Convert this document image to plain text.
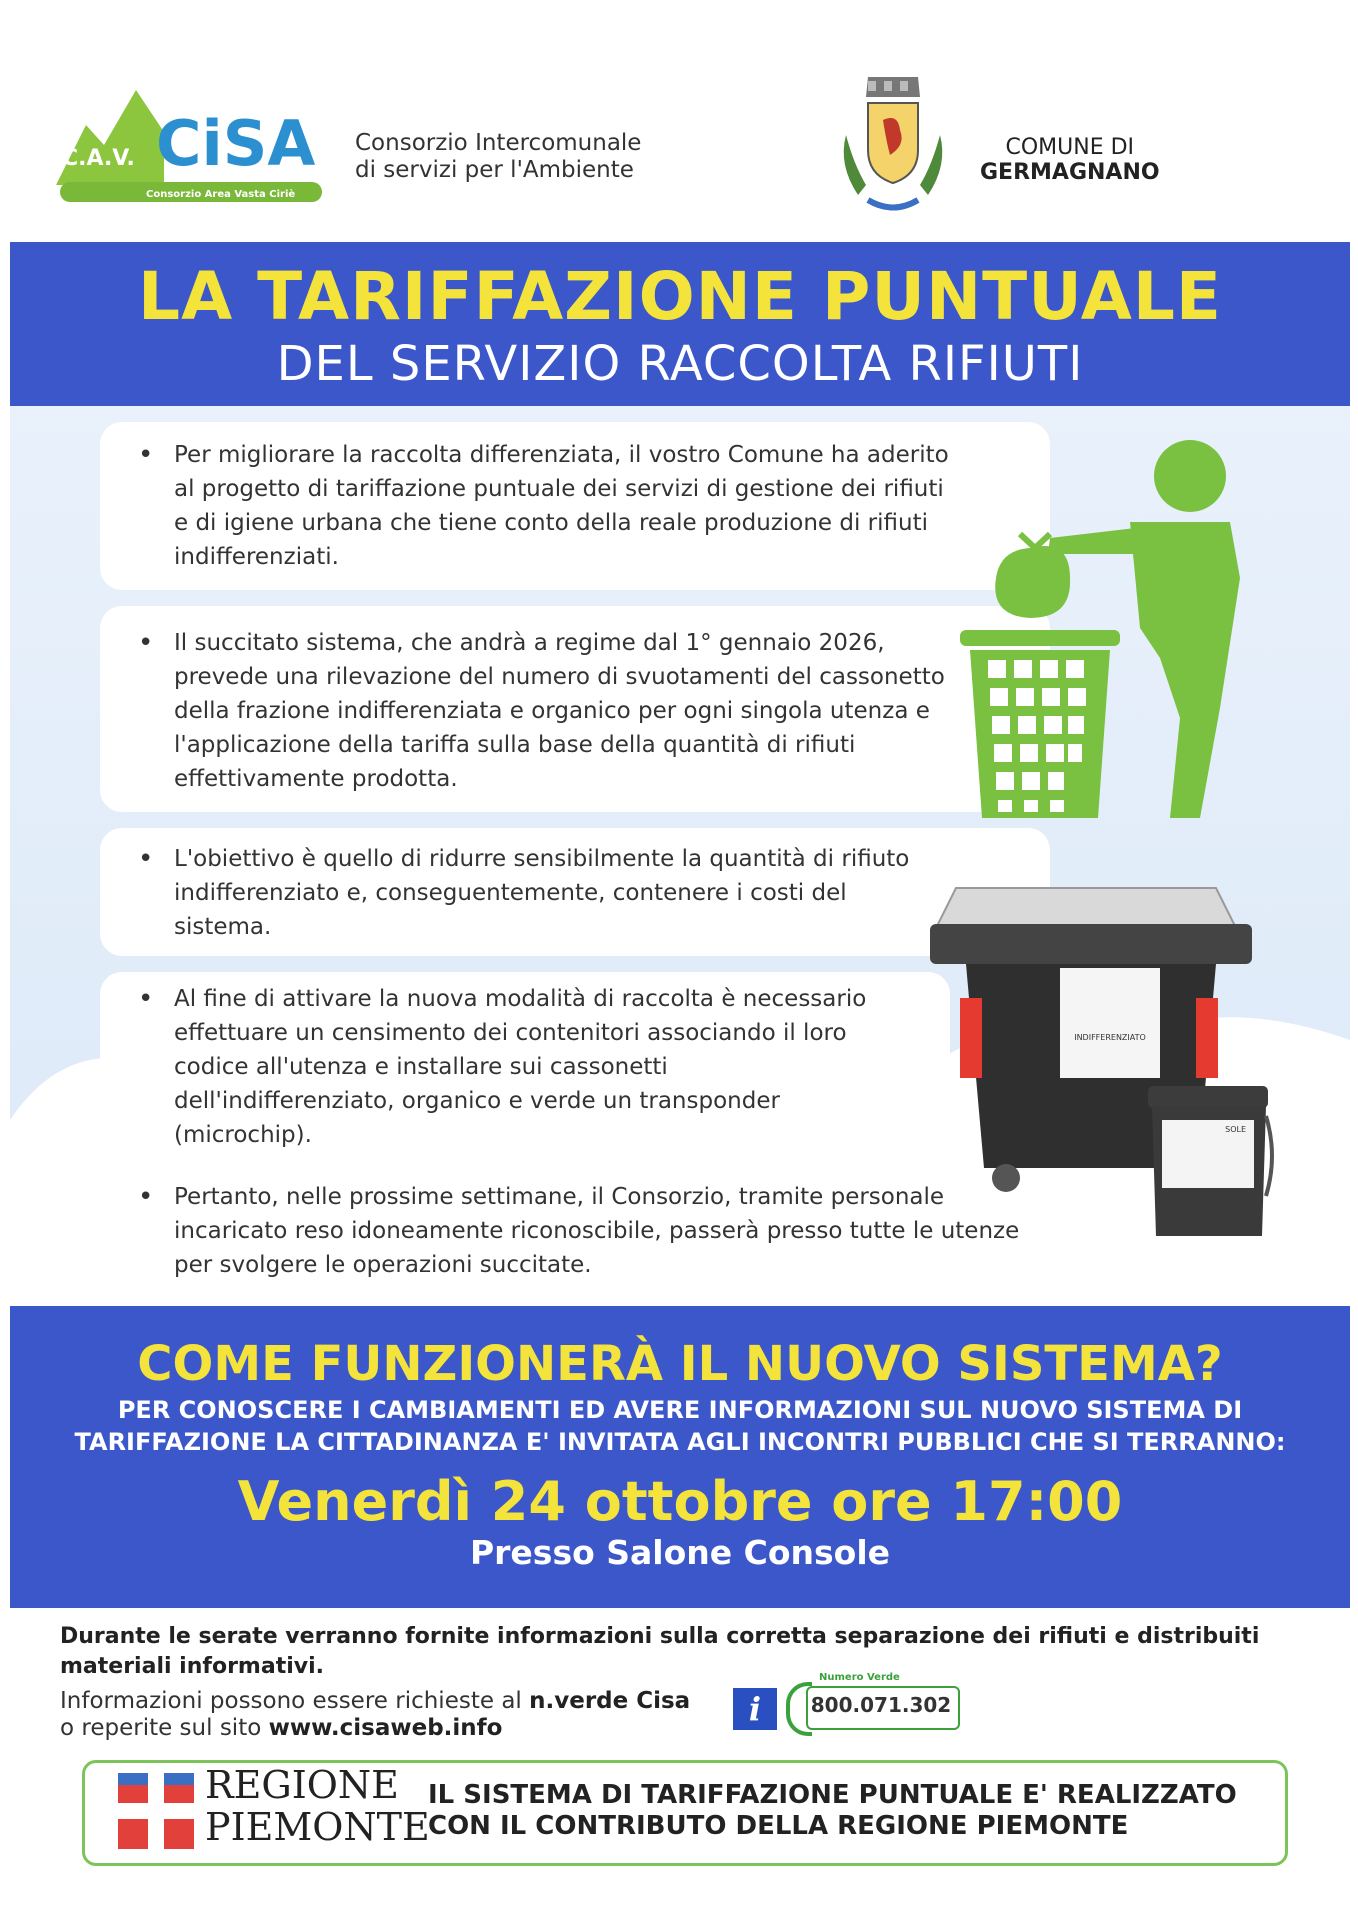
C.A.V. CiSA
Consorzio Area Vasta Ciriè
Consorzio Intercomunale
di servizi per l'Ambiente
COMUNE DI
GERMAGNANO
LA TARIFFAZIONE PUNTUALE
DEL SERVIZIO RACCOLTA RIFIUTI

• Per migliorare la raccolta differenziata, il vostro Comune ha aderito al progetto di tariffazione puntuale dei servizi di gestione dei rifiuti e di igiene urbana che tiene conto della reale produzione di rifiuti indifferenziati.

• Il succitato sistema, che andrà a regime dal 1° gennaio 2026, prevede una rilevazione del numero di svuotamenti del cassonetto della frazione indifferenziata e organico per ogni singola utenza e l'applicazione della tariffa sulla base della quantità di rifiuti effettivamente prodotta.

• L'obiettivo è quello di ridurre sensibilmente la quantità di rifiuto indifferenziato e, conseguentemente, contenere i costi del sistema.

• Al fine di attivare la nuova modalità di raccolta è necessario effettuare un censimento dei contenitori associando il loro codice all'utenza e installare sui cassonetti dell'indifferenziato, organico e verde un transponder (microchip).

• Pertanto, nelle prossime settimane, il Consorzio, tramite personale incaricato reso idoneamente riconoscibile, passerà presso tutte le utenze per svolgere le operazioni succitate.

INDIFFERENZIATO
SOLE
COME FUNZIONERÀ IL NUOVO SISTEMA?
PER CONOSCERE I CAMBIAMENTI ED AVERE INFORMAZIONI SUL NUOVO SISTEMA DI
TARIFFAZIONE LA CITTADINANZA E' INVITATA AGLI INCONTRI PUBBLICI CHE SI TERRANNO:
Venerdì 24 ottobre ore 17:00
Presso Salone Console
Durante le serate verranno fornite informazioni sulla corretta separazione dei rifiuti e distribuiti materiali informativi.
Informazioni possono essere richieste al n.verde Cisa
o reperite sul sito www.cisaweb.info	i
Numero Verde
800.071.302
REGIONE
PIEMONTE
IL SISTEMA DI TARIFFAZIONE PUNTUALE E' REALIZZATO
CON IL CONTRIBUTO DELLA REGIONE PIEMONTE
